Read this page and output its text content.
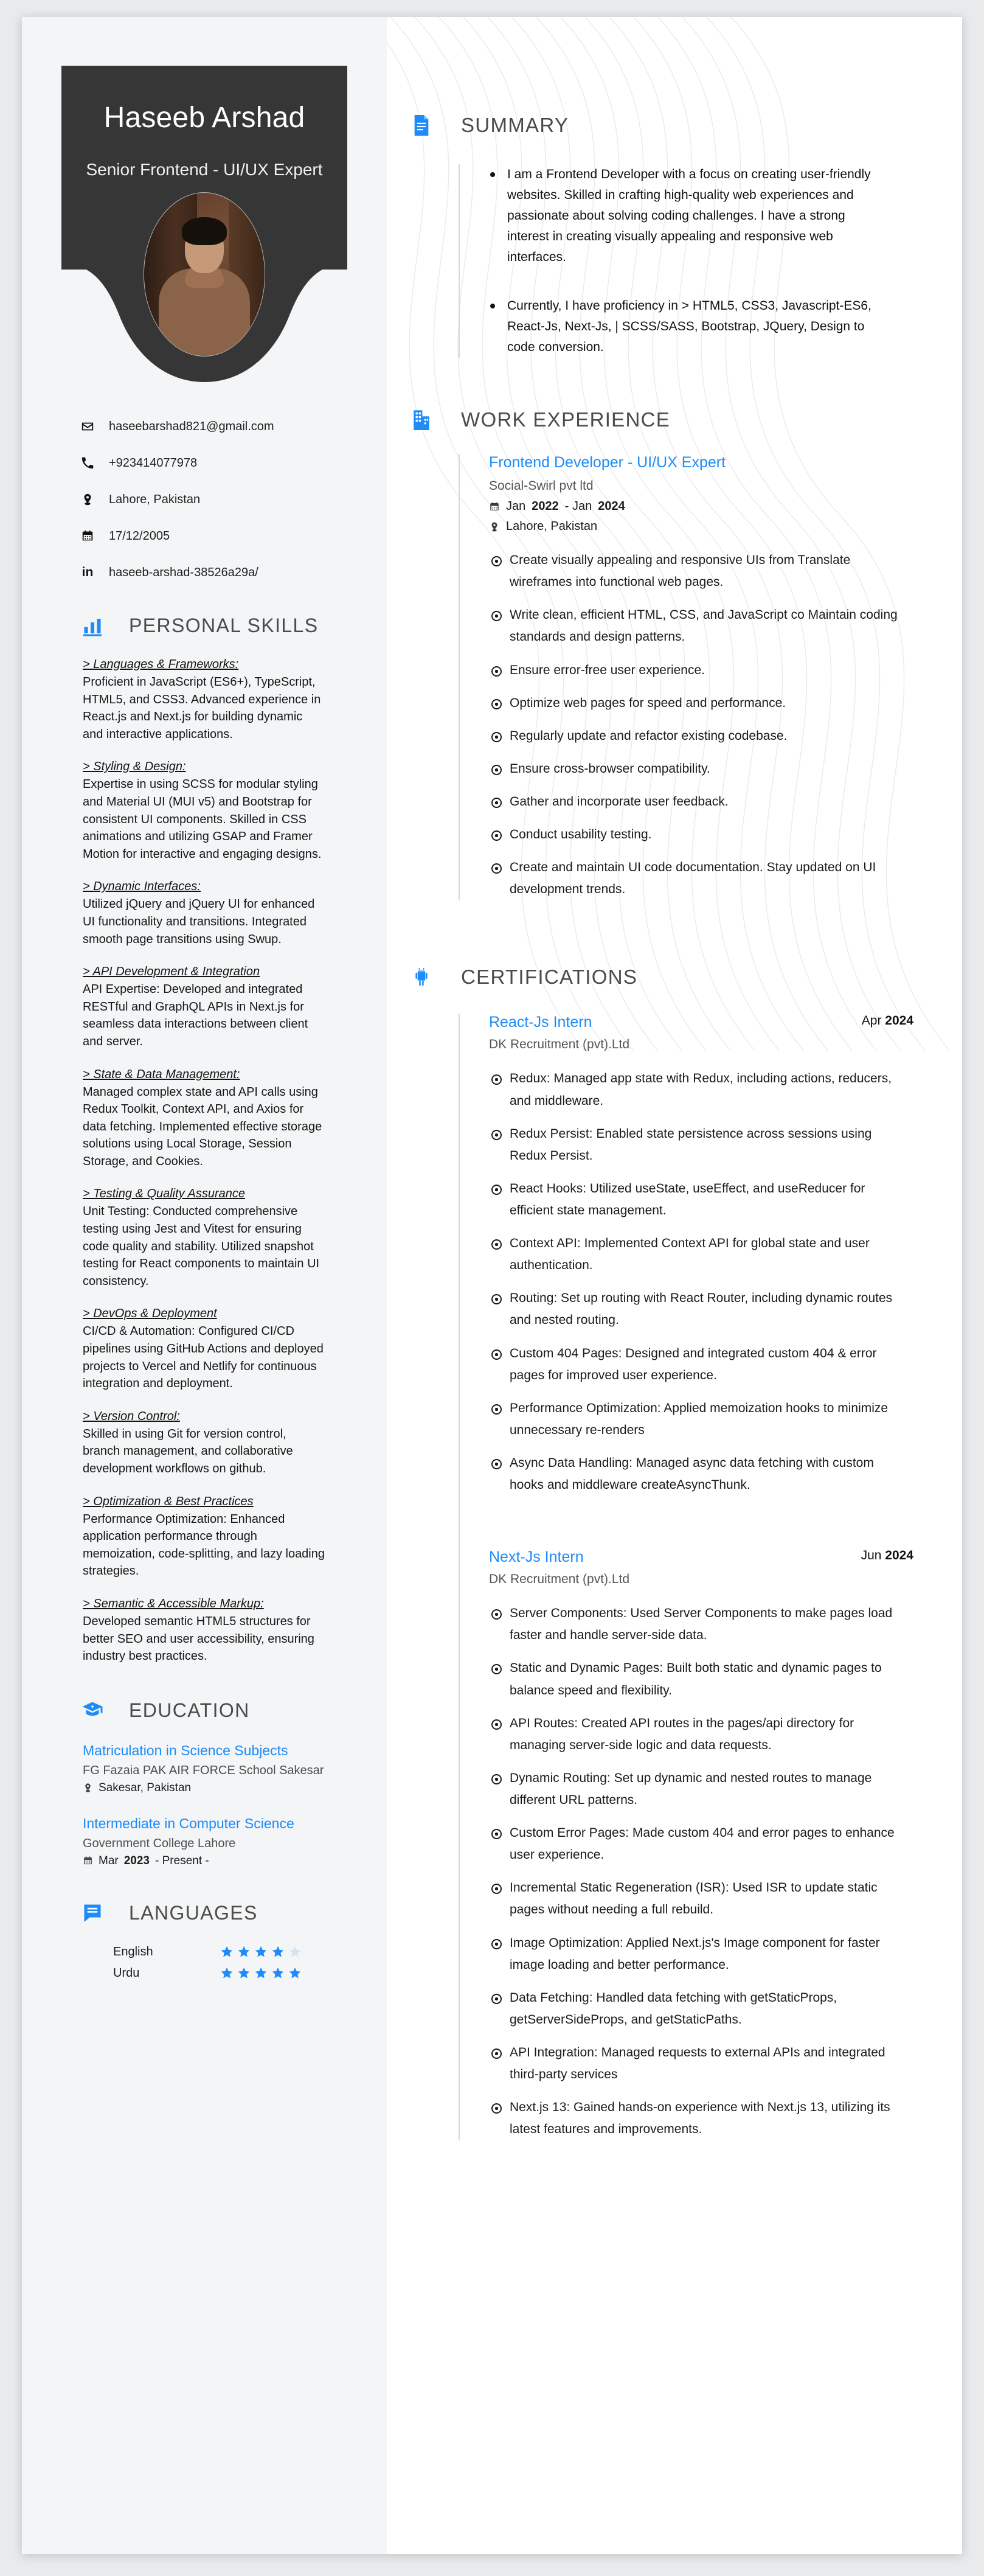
Haseeb Arshad
Senior Frontend - UI/UX Expert
haseebarshad821@gmail.com
+923414077978
Lahore, Pakistan
17/12/2005
in haseeb-arshad-38526a29a/
PERSONAL SKILLS
> Languages & Frameworks:
Proficient in JavaScript (ES6+), TypeScript, HTML5, and CSS3. Advanced experience in React.js and Next.js for building dynamic and interactive applications.
> Styling & Design:
Expertise in using SCSS for modular styling and Material UI (MUI v5) and Bootstrap for consistent UI components. Skilled in CSS animations and utilizing GSAP and Framer Motion for interactive and engaging designs.
> Dynamic Interfaces:
Utilized jQuery and jQuery UI for enhanced UI functionality and transitions. Integrated smooth page transitions using Swup.
> API Development & Integration
API Expertise: Developed and integrated RESTful and GraphQL APIs in Next.js for seamless data interactions between client and server.
> State & Data Management:
Managed complex state and API calls using Redux Toolkit, Context API, and Axios for data fetching. Implemented effective storage solutions using Local Storage, Session Storage, and Cookies.
> Testing & Quality Assurance
Unit Testing: Conducted comprehensive testing using Jest and Vitest for ensuring code quality and stability. Utilized snapshot testing for React components to maintain UI consistency.
> DevOps & Deployment
CI/CD & Automation: Configured CI/CD pipelines using GitHub Actions and deployed projects to Vercel and Netlify for continuous integration and deployment.
> Version Control:
Skilled in using Git for version control, branch management, and collaborative development workflows on github.
> Optimization & Best Practices
Performance Optimization: Enhanced application performance through memoization, code-splitting, and lazy loading strategies.
> Semantic & Accessible Markup:
Developed semantic HTML5 structures for better SEO and user accessibility, ensuring industry best practices.
EDUCATION
Matriculation in Science Subjects
FG Fazaia PAK AIR FORCE School Sakesar
Sakesar, Pakistan
Intermediate in Computer Science
Government College Lahore
Mar 2023 - Present -
LANGUAGES
English
Urdu
SUMMARY
I am a Frontend Developer with a focus on creating user-friendly websites. Skilled in crafting high-quality web experiences and passionate about solving coding challenges. I have a strong interest in creating visually appealing and responsive web interfaces.
Currently, I have proficiency in > HTML5, CSS3, Javascript-ES6, React-Js, Next-Js, | SCSS/SASS, Bootstrap, JQuery, Design to code conversion.
WORK EXPERIENCE
Frontend Developer - UI/UX Expert
Social-Swirl pvt ltd
Jan 2022 - Jan 2024
Lahore, Pakistan
Create visually appealing and responsive UIs from Translate wireframes into functional web pages.
Write clean, efficient HTML, CSS, and JavaScript co Maintain coding standards and design patterns.
Ensure error-free user experience.
Optimize web pages for speed and performance.
Regularly update and refactor existing codebase.
Ensure cross-browser compatibility.
Gather and incorporate user feedback.
Conduct usability testing.
Create and maintain UI code documentation. Stay updated on UI development trends.
CERTIFICATIONS
React-Js Intern	Apr 2024
DK Recruitment (pvt).Ltd
Redux: Managed app state with Redux, including actions, reducers, and middleware.
Redux Persist: Enabled state persistence across sessions using Redux Persist.
React Hooks: Utilized useState, useEffect, and useReducer for efficient state management.
Context API: Implemented Context API for global state and user authentication.
Routing: Set up routing with React Router, including dynamic routes and nested routing.
Custom 404 Pages: Designed and integrated custom 404 & error pages for improved user experience.
Performance Optimization: Applied memoization hooks to minimize unnecessary re-renders
Async Data Handling: Managed async data fetching with custom hooks and middleware createAsyncThunk.
Next-Js Intern	Jun 2024
DK Recruitment (pvt).Ltd
Server Components: Used Server Components to make pages load faster and handle server-side data.
Static and Dynamic Pages: Built both static and dynamic pages to balance speed and flexibility.
API Routes: Created API routes in the pages/api directory for managing server-side logic and data requests.
Dynamic Routing: Set up dynamic and nested routes to manage different URL patterns.
Custom Error Pages: Made custom 404 and error pages to enhance user experience.
Incremental Static Regeneration (ISR): Used ISR to update static pages without needing a full rebuild.
Image Optimization: Applied Next.js's Image component for faster image loading and better performance.
Data Fetching: Handled data fetching with getStaticProps, getServerSideProps, and getStaticPaths.
API Integration: Managed requests to external APIs and integrated third-party services
Next.js 13: Gained hands-on experience with Next.js 13, utilizing its latest features and improvements.
